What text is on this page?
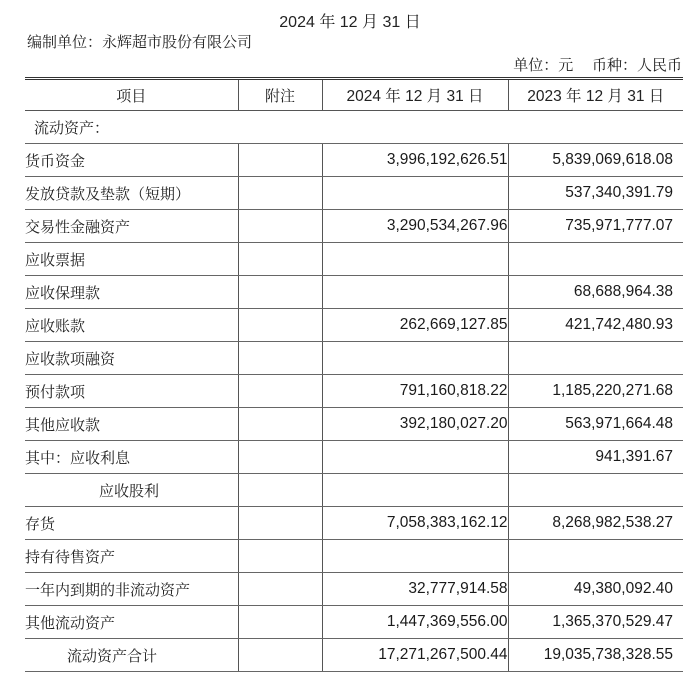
2024 年 12 月 31 日
编制单位：永辉超市股份有限公司
单位：元 币种：人民币
项目	附注	2024 年 12 月 31 日	2023 年 12 月 31 日
流动资产：			
货币资金		3,996,192,626.51	5,839,069,618.08
发放贷款及垫款（短期）			537,340,391.79
交易性金融资产		3,290,534,267.96	735,971,777.07
应收票据			
应收保理款			68,688,964.38
应收账款		262,669,127.85	421,742,480.93
应收款项融资			
预付款项		791,160,818.22	1,185,220,271.68
其他应收款		392,180,027.20	563,971,664.48
其中：应收利息			941,391.67
应收股利			
存货		7,058,383,162.12	8,268,982,538.27
持有待售资产			
一年内到期的非流动资产		32,777,914.58	49,380,092.40
其他流动资产		1,447,369,556.00	1,365,370,529.47
流动资产合计		17,271,267,500.44	19,035,738,328.55
